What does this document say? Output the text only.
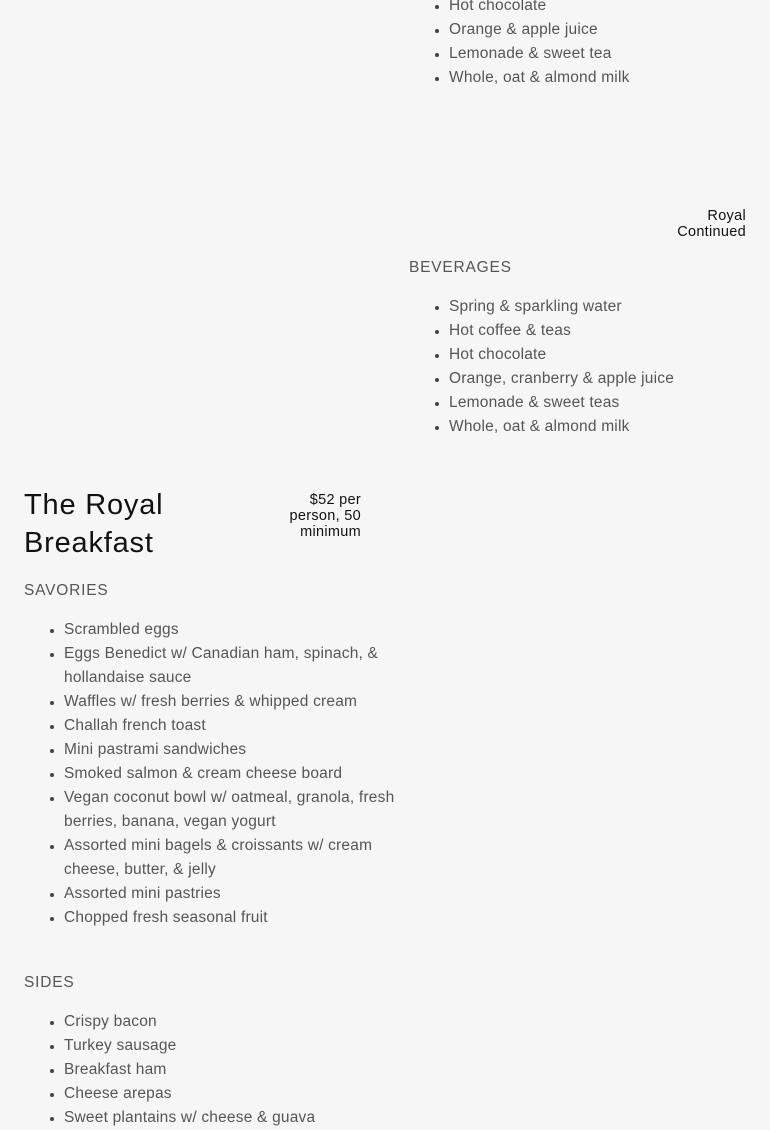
• Hot chocolate
• Orange & apple juice
• Lemonade & sweet tea
• Whole, oat & almond milk
Royal
Continued
BEVERAGES
• Spring & sparkling water
• Hot coffee & teas
• Hot chocolate
• Orange, cranberry & apple juice
• Lemonade & sweet teas
• Whole, oat & almond milk
The Royal
Breakfast
$52 per
person, 50
minimum
SAVORIES
• Scrambled eggs
• Eggs Benedict w/ Canadian ham, spinach, & hollandaise sauce
• Waffles w/ fresh berries & whipped cream
• Challah french toast
• Mini pastrami sandwiches
• Smoked salmon & cream cheese board
• Vegan coconut bowl w/ oatmeal, granola, fresh berries, banana, vegan yogurt
• Assorted mini bagels & croissants w/ cream cheese, butter, & jelly
• Assorted mini pastries
• Chopped fresh seasonal fruit
SIDES
• Crispy bacon
• Turkey sausage
• Breakfast ham
• Cheese arepas
• Sweet plantains w/ cheese & guava
